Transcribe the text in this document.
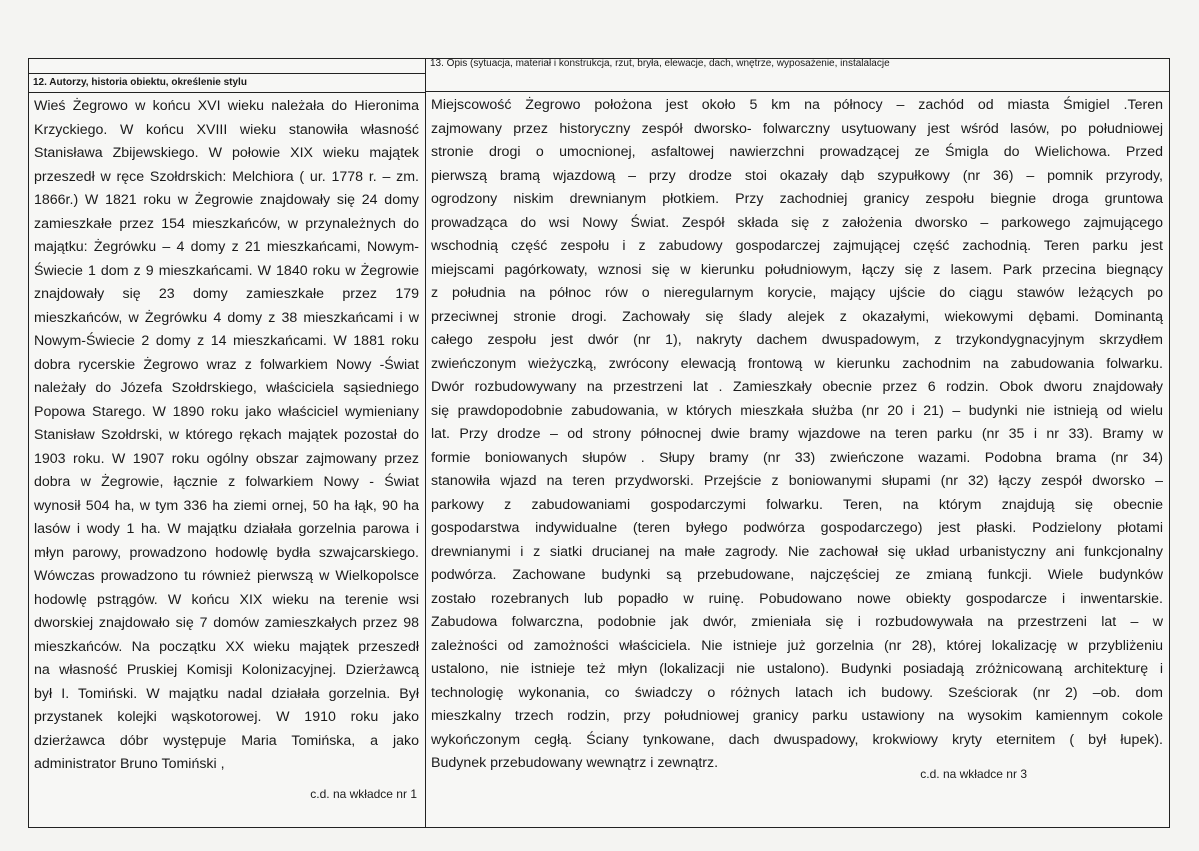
12. Autorzy, historia obiektu, określenie stylu
Wieś Żegrowo w końcu XVI wieku należała do Hieronima
Krzyckiego. W końcu XVIII wieku stanowiła własność
Stanisława Zbijewskiego. W połowie XIX wieku majątek
przeszedł w ręce Szołdrskich: Melchiora ( ur. 1778 r. – zm.
1866r.) W 1821 roku w Żegrowie znajdowały się 24 domy
zamieszkałe przez 154 mieszkańców, w przynależnych do
majątku: Żegrówku – 4 domy z 21 mieszkańcami, Nowym-
Świecie 1 dom z 9 mieszkańcami. W 1840 roku w Żegrowie
znajdowały się 23 domy zamieszkałe przez 179
mieszkańców, w Żegrówku 4 domy z 38 mieszkańcami i w
Nowym-Świecie 2 domy z 14 mieszkańcami. W 1881 roku
dobra rycerskie Żegrowo wraz z folwarkiem Nowy -Świat
należały do Józefa Szołdrskiego, właściciela sąsiedniego
Popowa Starego. W 1890 roku jako właściciel wymieniany
Stanisław Szołdrski, w którego rękach majątek pozostał do
1903 roku. W 1907 roku ogólny obszar zajmowany przez
dobra w Żegrowie, łącznie z folwarkiem Nowy - Świat
wynosił 504 ha, w tym 336 ha ziemi ornej, 50 ha łąk, 90 ha
lasów i wody 1 ha. W majątku działała gorzelnia parowa i
młyn parowy, prowadzono hodowlę bydła szwajcarskiego.
Wówczas prowadzono tu również pierwszą w Wielkopolsce
hodowlę pstrągów. W końcu XIX wieku na terenie wsi
dworskiej znajdowało się 7 domów zamieszkałych przez 98
mieszkańców. Na początku XX wieku majątek przeszedł
na własność Pruskiej Komisji Kolonizacyjnej. Dzierżawcą
był I. Tomiński. W majątku nadal działała gorzelnia. Był
przystanek kolejki wąskotorowej. W 1910 roku jako
dzierżawca dóbr występuje Maria Tomińska, a jako
administrator Bruno Tomiński ,
c.d. na wkładce nr 1
13. Opis (sytuacja, materiał i konstrukcja, rzut, bryła, elewacje, dach, wnętrze, wyposażenie, instalalacje
Miejscowość Żegrowo położona jest około 5 km na północy – zachód od miasta Śmigiel .Teren
zajmowany przez historyczny zespół dworsko- folwarczny usytuowany jest wśród lasów, po południowej
stronie drogi o umocnionej, asfaltowej nawierzchni prowadzącej ze Śmigla do Wielichowa. Przed
pierwszą bramą wjazdową – przy drodze stoi okazały dąb szypułkowy (nr 36) – pomnik przyrody,
ogrodzony niskim drewnianym płotkiem. Przy zachodniej granicy zespołu biegnie droga gruntowa
prowadząca do wsi Nowy Świat. Zespół składa się z założenia dworsko – parkowego zajmującego
wschodnią część zespołu i z zabudowy gospodarczej zajmującej część zachodnią. Teren parku jest
miejscami pagórkowaty, wznosi się w kierunku południowym, łączy się z lasem. Park przecina biegnący
z południa na północ rów o nieregularnym korycie, mający ujście do ciągu stawów leżących po
przeciwnej stronie drogi. Zachowały się ślady alejek z okazałymi, wiekowymi dębami. Dominantą
całego zespołu jest dwór (nr 1), nakryty dachem dwuspadowym, z trzykondygnacyjnym skrzydłem
zwieńczonym wieżyczką, zwrócony elewacją frontową w kierunku zachodnim na zabudowania folwarku.
Dwór rozbudowywany na przestrzeni lat . Zamieszkały obecnie przez 6 rodzin. Obok dworu znajdowały
się prawdopodobnie zabudowania, w których mieszkała służba (nr 20 i 21) – budynki nie istnieją od wielu
lat. Przy drodze – od strony północnej dwie bramy wjazdowe na teren parku (nr 35 i nr 33). Bramy w
formie boniowanych słupów . Słupy bramy (nr 33) zwieńczone wazami. Podobna brama (nr 34)
stanowiła wjazd na teren przydworski. Przejście z boniowanymi słupami (nr 32) łączy zespół dworsko –
parkowy z zabudowaniami gospodarczymi folwarku. Teren, na którym znajdują się obecnie
gospodarstwa indywidualne (teren byłego podwórza gospodarczego) jest płaski. Podzielony płotami
drewnianymi i z siatki drucianej na małe zagrody. Nie zachował się układ urbanistyczny ani funkcjonalny
podwórza. Zachowane budynki są przebudowane, najczęściej ze zmianą funkcji. Wiele budynków
zostało rozebranych lub popadło w ruinę. Pobudowano nowe obiekty gospodarcze i inwentarskie.
Zabudowa folwarczna, podobnie jak dwór, zmieniała się i rozbudowywała na przestrzeni lat – w
zależności od zamożności właściciela. Nie istnieje już gorzelnia (nr 28), której lokalizację w przybliżeniu
ustalono, nie istnieje też młyn (lokalizacji nie ustalono). Budynki posiadają zróżnicowaną architekturę i
technologię wykonania, co świadczy o różnych latach ich budowy. Sześciorak (nr 2) –ob. dom
mieszkalny trzech rodzin, przy południowej granicy parku ustawiony na wysokim kamiennym cokole
wykończonym cegłą. Ściany tynkowane, dach dwuspadowy, krokwiowy kryty eternitem ( był łupek).
Budynek przebudowany wewnątrz i zewnątrz.
c.d. na wkładce nr 3
